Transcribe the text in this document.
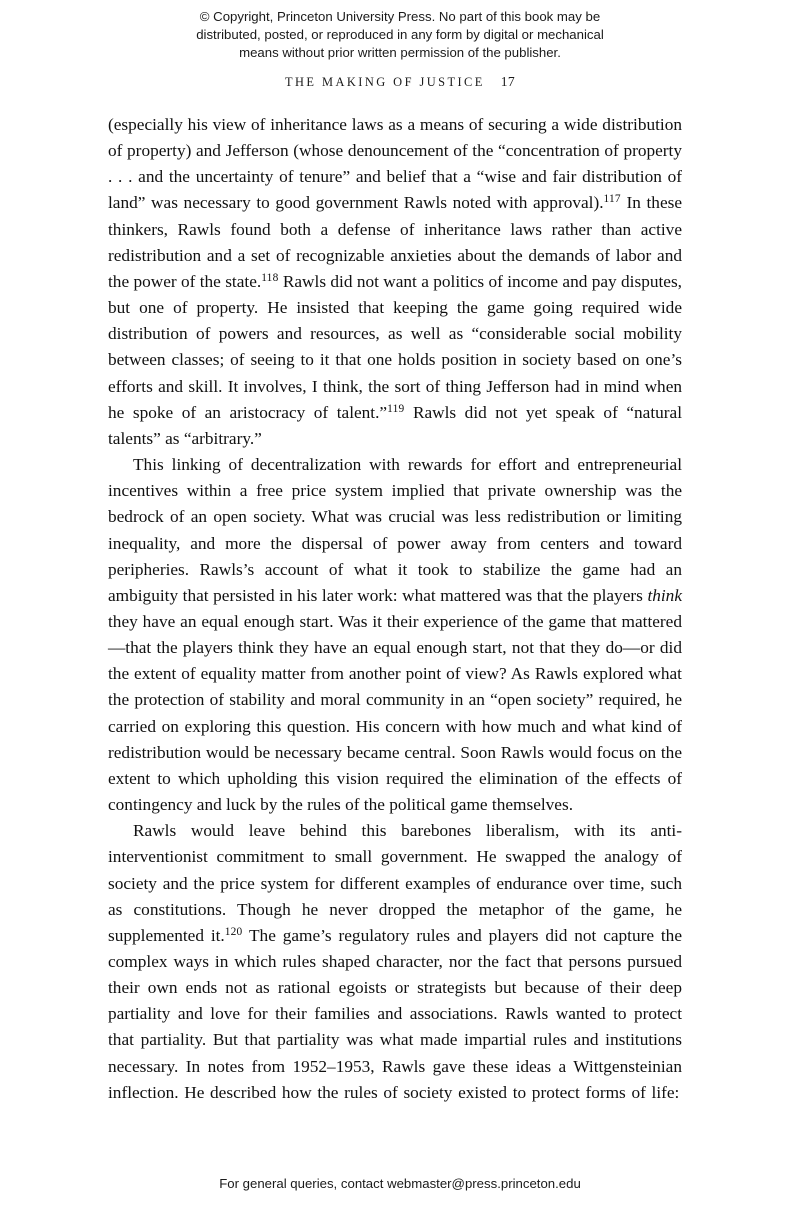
© Copyright, Princeton University Press. No part of this book may be distributed, posted, or reproduced in any form by digital or mechanical means without prior written permission of the publisher.
THE MAKING OF JUSTICE 17

(especially his view of inheritance laws as a means of securing a wide distribution of property) and Jefferson (whose denouncement of the “concentration of property . . . and the uncertainty of tenure” and belief that a “wise and fair distribution of land” was necessary to good government Rawls noted with approval).$^{117}$ In these thinkers, Rawls found both a defense of inheritance laws rather than active redistribution and a set of recognizable anxieties about the demands of labor and the power of the state.$^{118}$ Rawls did not want a politics of income and pay disputes, but one of property. He insisted that keeping the game going required wide distribution of powers and resources, as well as “considerable social mobility between classes; of seeing to it that one holds position in society based on one’s efforts and skill. It involves, I think, the sort of thing Jefferson had in mind when he spoke of an aristocracy of talent.”$^{119}$ Rawls did not yet speak of “natural talents” as “arbitrary.”

This linking of decentralization with rewards for effort and entrepreneurial incentives within a free price system implied that private ownership was the bedrock of an open society. What was crucial was less redistribution or limiting inequality, and more the dispersal of power away from centers and toward peripheries. Rawls’s account of what it took to stabilize the game had an ambiguity that persisted in his later work: what mattered was that the players think they have an equal enough start. Was it their experience of the game that mattered—that the players think they have an equal enough start, not that they do—or did the extent of equality matter from another point of view? As Rawls explored what the protection of stability and moral community in an “open society” required, he carried on exploring this question. His concern with how much and what kind of redistribution would be necessary became central. Soon Rawls would focus on the extent to which upholding this vision required the elimination of the effects of contingency and luck by the rules of the political game themselves.

Rawls would leave behind this barebones liberalism, with its anti-interventionist commitment to small government. He swapped the analogy of society and the price system for different examples of endurance over time, such as constitutions. Though he never dropped the metaphor of the game, he supplemented it.$^{120}$ The game’s regulatory rules and players did not capture the complex ways in which rules shaped character, nor the fact that persons pursued their own ends not as rational egoists or strategists but because of their deep partiality and love for their families and associations. Rawls wanted to protect that partiality. But that partiality was what made impartial rules and institutions necessary. In notes from 1952–1953, Rawls gave these ideas a Wittgensteinian inflection. He described how the rules of society existed to protect forms of life:

For general queries, contact webmaster@press.princeton.edu
